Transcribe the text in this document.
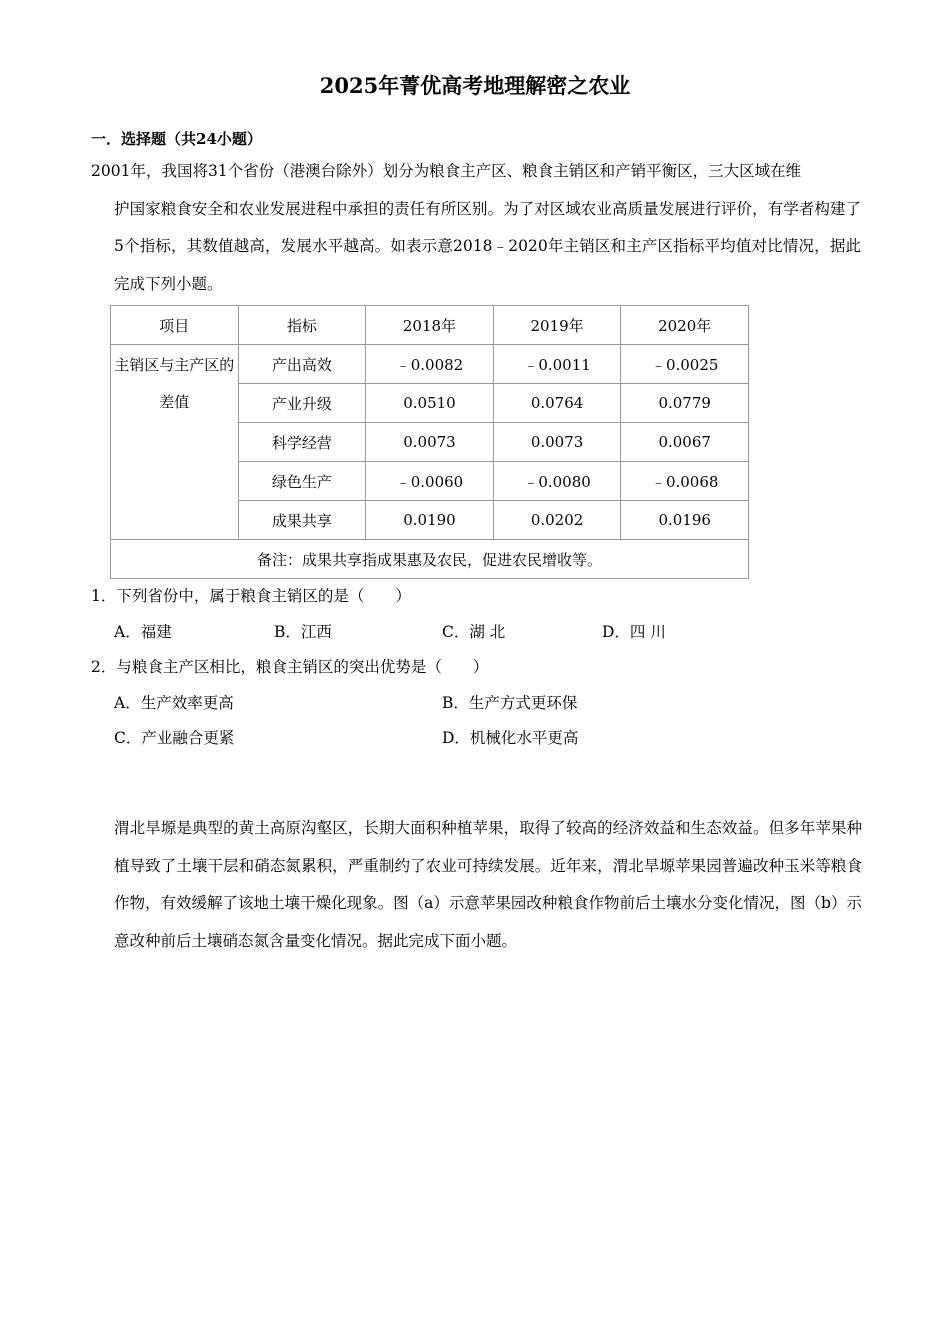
2025年菁优高考地理解密之农业
一．选择题（共24小题）
2001年，我国将31个省份（港澳台除外）划分为粮食主产区、粮食主销区和产销平衡区，三大区域在维
护国家粮食安全和农业发展进程中承担的责任有所区别。为了对区域农业高质量发展进行评价，有学者构建了5个指标，其数值越高，发展水平越高。如表示意2018﹣2020年主销区和主产区指标平均值对比情况，据此完成下列小题。
项目	指标	2018年	2019年	2020年
主销区与主产区的差值	产出高效	﹣0.0082	﹣0.0011	﹣0.0025
	产业升级	0.0510	0.0764	0.0779
	科学经营	0.0073	0.0073	0.0067
	绿色生产	﹣0.0060	﹣0.0080	﹣0.0068
	成果共享	0.0190	0.0202	0.0196
备注：成果共享指成果惠及农民，促进农民增收等。				
1．下列省份中，属于粮食主销区的是（　　）
A．福建	B．江西	C．湖 北	D．四 川
2．与粮食主产区相比，粮食主销区的突出优势是（　　）
A．生产效率更高	B．生产方式更环保
C．产业融合更紧	D．机械化水平更高
渭北旱塬是典型的黄土高原沟壑区，长期大面积种植苹果，取得了较高的经济效益和生态效益。但多年苹果种植导致了土壤干层和硝态氮累积，严重制约了农业可持续发展。近年来，渭北旱塬苹果园普遍改种玉米等粮食作物，有效缓解了该地土壤干燥化现象。图（a）示意苹果园改种粮食作物前后土壤水分变化情况，图（b）示意改种前后土壤硝态氮含量变化情况。据此完成下面小题。
